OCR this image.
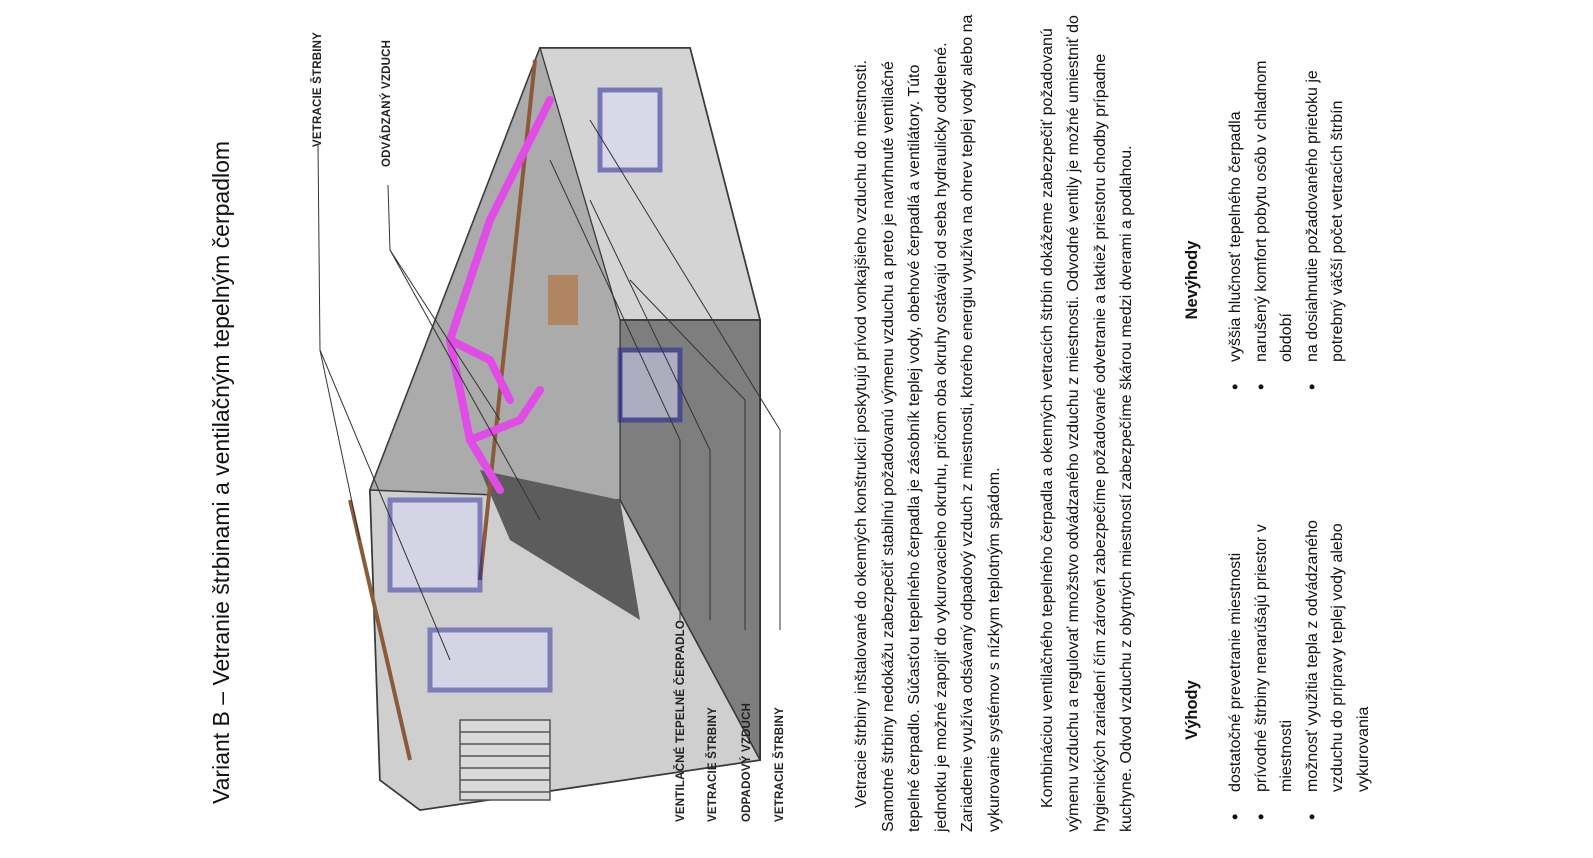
Variant B – Vetranie štrbinami a ventilačným tepelným čerpadlom
VETRACIE ŠTRBINY	ODVÁDZANÝ VZDUCH
VENTILAČNÉ TEPELNÉ ČERPADLO VETRACIE ŠTRBINY ODPADOVÝ VZDUCH VETRACIE ŠTRBINY	Vetracie štrbiny inštalované do okenných konštrukcií poskytujú prívod vonkajšieho vzduchu do miestnosti. Samotné štrbiny nedokážu zabezpečiť stabilnú požadovanú výmenu vzduchu a preto je navrhnuté ventilačné tepelné čerpadlo. Súčasťou tepelného čerpadla je zásobník teplej vody, obehové čerpadlá a ventilátory. Túto jednotku je možné zapojiť do vykurovacieho okruhu, pričom oba okruhy ostávajú od seba hydraulicky oddelené. Zariadenie využíva odsávaný odpadový vzduch z miestnosti, ktorého energiu využíva na ohrev teplej vody alebo na vykurovanie systémov s nízkym teplotným spádom.	Kombináciou ventilačného tepelného čerpadla a okenných vetracích štrbín dokážeme zabezpečiť požadovanú výmenu vzduchu a regulovať množstvo odvádzaného vzduchu z miestnosti. Odvodné ventily je možné umiestniť do hygienických zariadení čím zároveň zabezpečíme požadované odvetranie a taktiež priestoru chodby prípadne kuchyne. Odvod vzduchu z obytných miestností zabezpečíme škárou medzi dverami a podlahou.	Výhody • dostatočné prevetranie miestnosti • prívodné štrbiny nenarúšajú priestor v miestnosti • možnosť využitia tepla z odvádzaného vzduchu do prípravy teplej vody alebo vykurovania
Nevýhody • vyššia hlučnosť tepelného čerpadla • narušený komfort pobytu osôb v chladnom období • na dosiahnutie požadovaného prietoku je potrebný väčší počet vetracích štrbín
